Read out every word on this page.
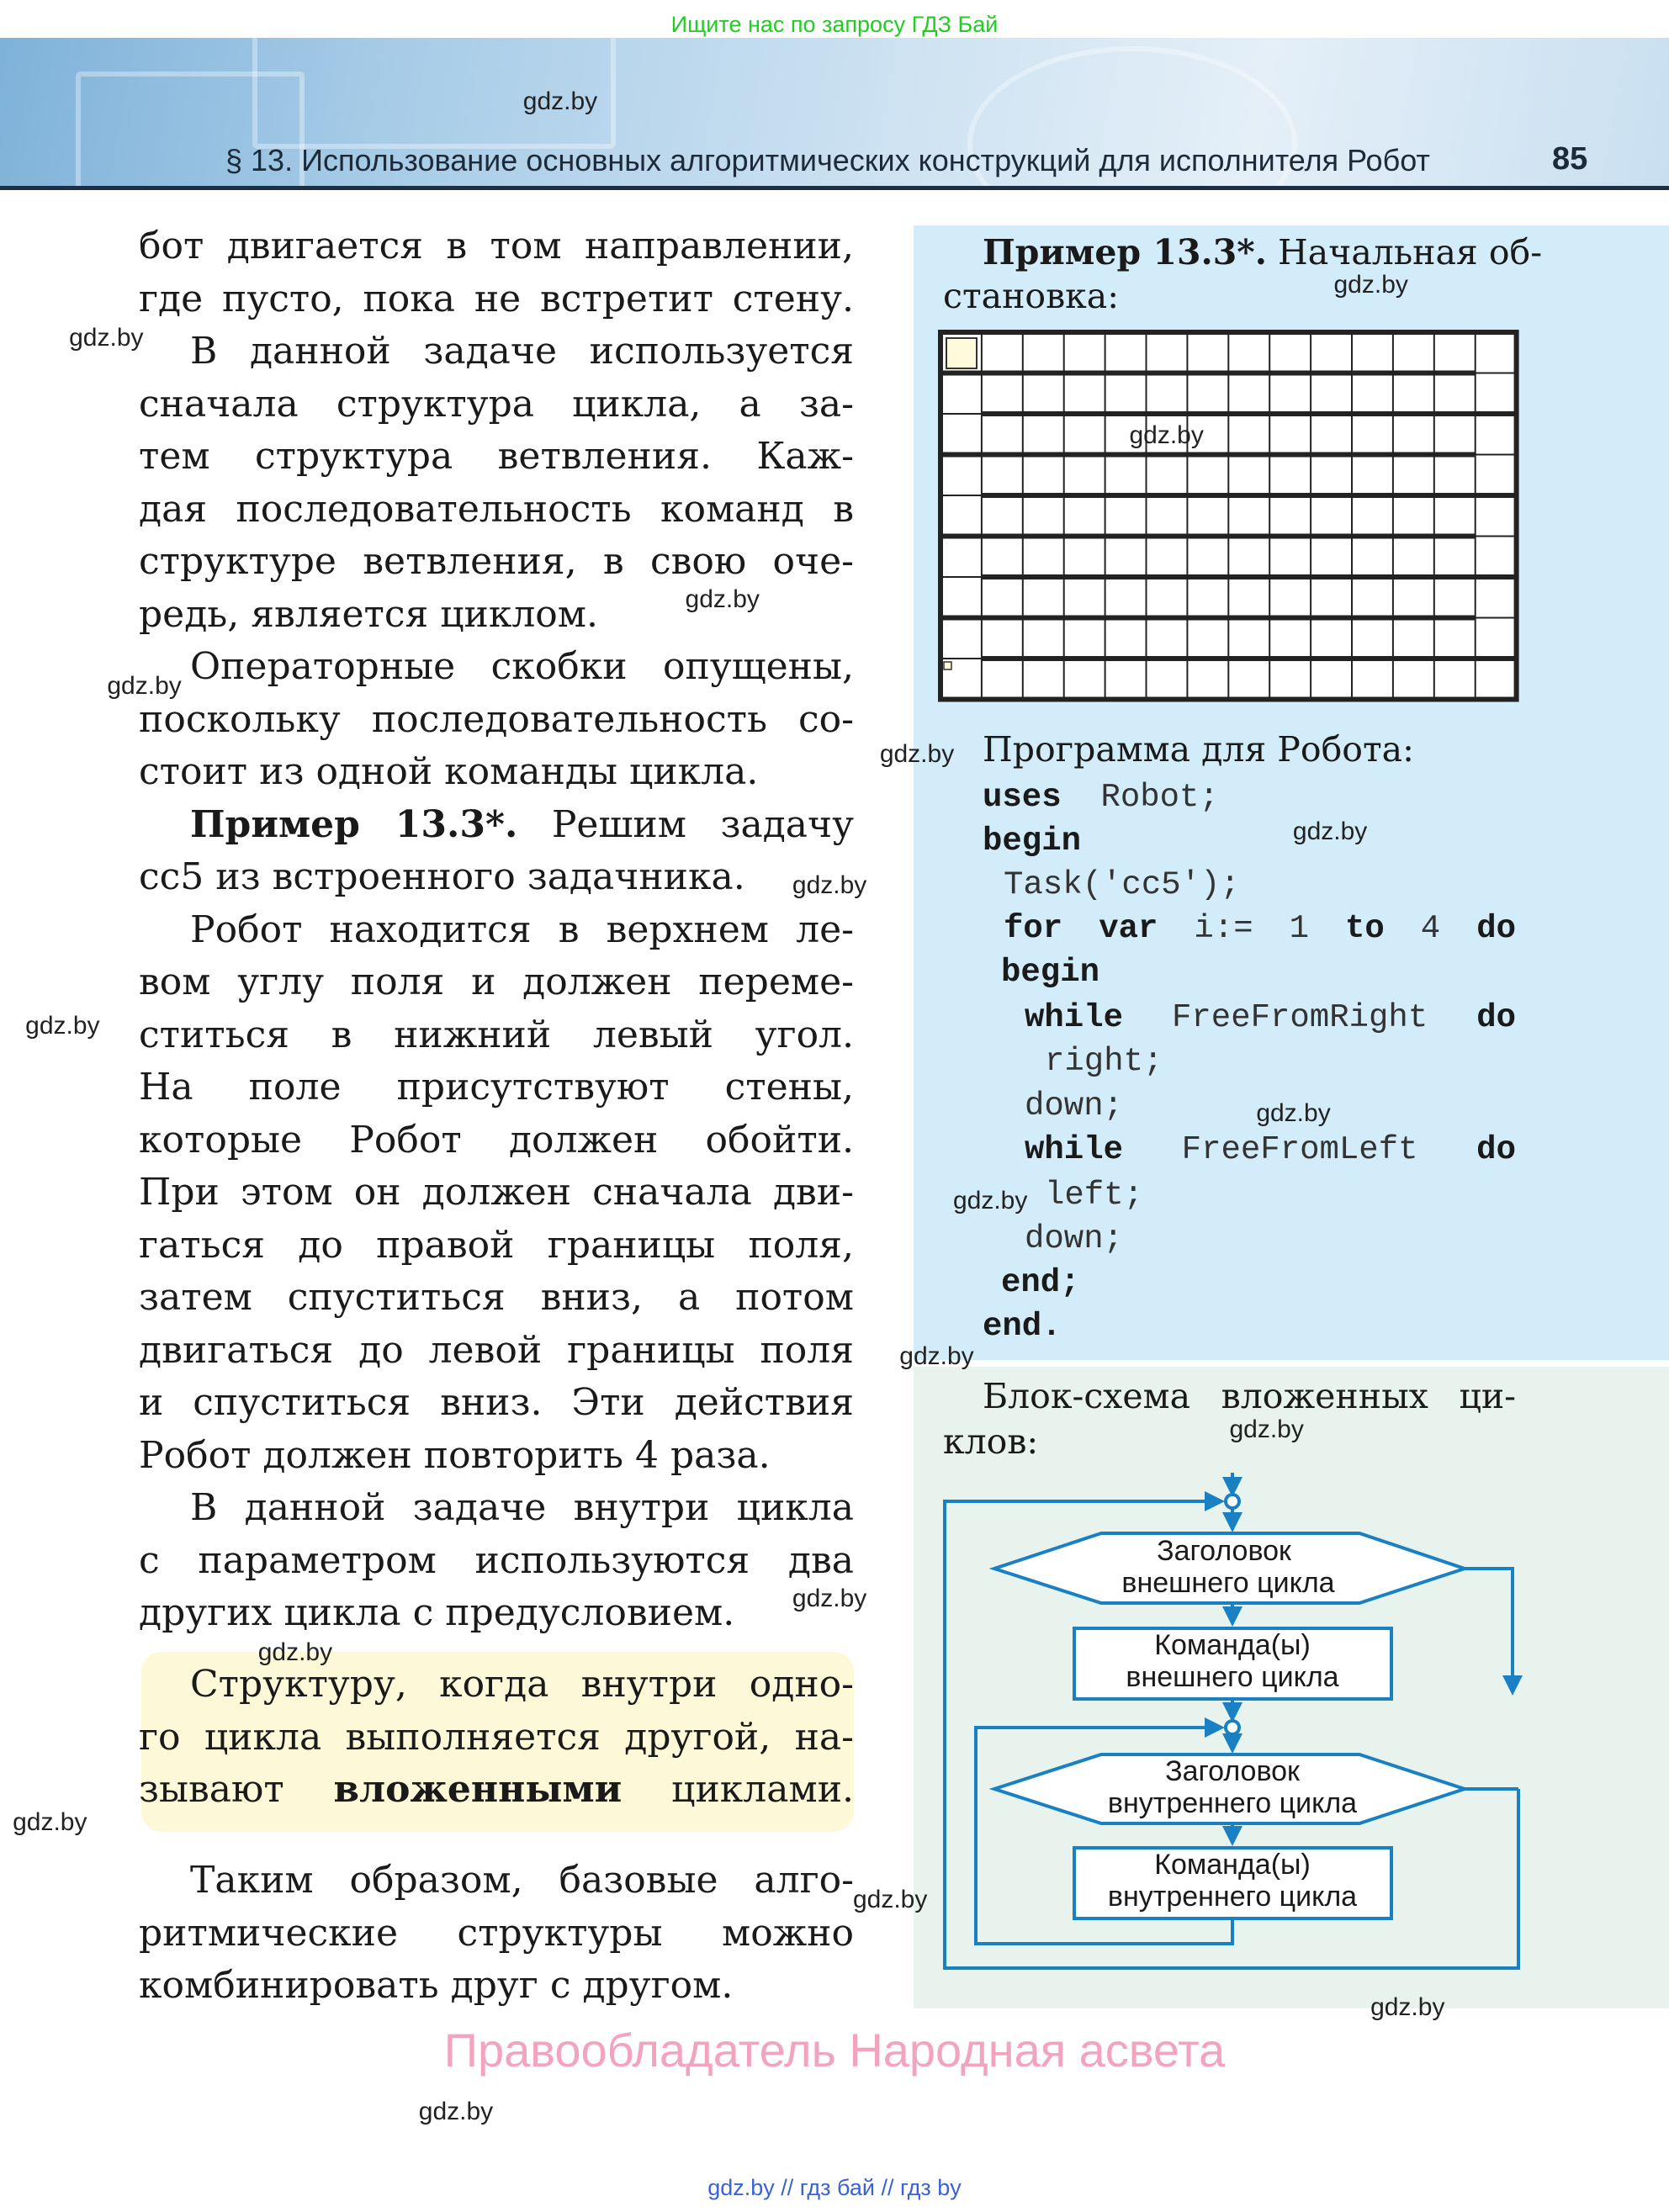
Ищите нас по запросу ГДЗ Бай
§ 13. Использование основных алгоритмических конструкций для исполнителя Робот	85
бот двигается в том направлении,
где пусто, пока не встретит стену.
В данной задаче используется
сначала структура цикла, а за-
тем структура ветвления. Каж-
дая последовательность команд в
структуре ветвления, в свою оче-
редь, является циклом.
Операторные скобки опущены,
поскольку последовательность со-
стоит из одной команды цикла.
Пример 13.3*. Решим задачу
cc5 из встроенного задачника.
Робот находится в верхнем ле-
вом углу поля и должен переме-
ститься в нижний левый угол.
На поле присутствуют стены,
которые Робот должен обойти.
При этом он должен сначала дви-
гаться до правой границы поля,
затем спуститься вниз, а потом
двигаться до левой границы поля
и спуститься вниз. Эти действия
Робот должен повторить 4 раза.
В данной задаче внутри цикла
с параметром используются два
других цикла с предусловием.
Структуру, когда внутри одно-
го цикла выполняется другой, на-
зывают вложенными циклами.
Таким образом, базовые алго-
ритмические структуры можно
комбинировать друг с другом.
Пример 13.3*. Начальная об-
становка:
Программа для Робота:
uses Robot;
begin
Task('cc5');
for var i:= 1 to 4 do
begin
while FreeFromRight do
right;
down;
while FreeFromLeft do
left;
down;
end;
end.
Блок-схема вложенных ци-
клов:
Заголовок
внешнего цикла
Команда(ы)
внешнего цикла
Заголовок
внутреннего цикла
Команда(ы)
внутреннего цикла
gdz.by
gdz.by
gdz.by
gdz.by
gdz.by
gdz.by
gdz.by
gdz.by
gdz.by
gdz.by
gdz.by
gdz.by
gdz.by
gdz.by
gdz.by
gdz.by
gdz.by
gdz.by
gdz.by
gdz.by
Правообладатель Народная асвета
gdz.by // гдз бай // гдз by
